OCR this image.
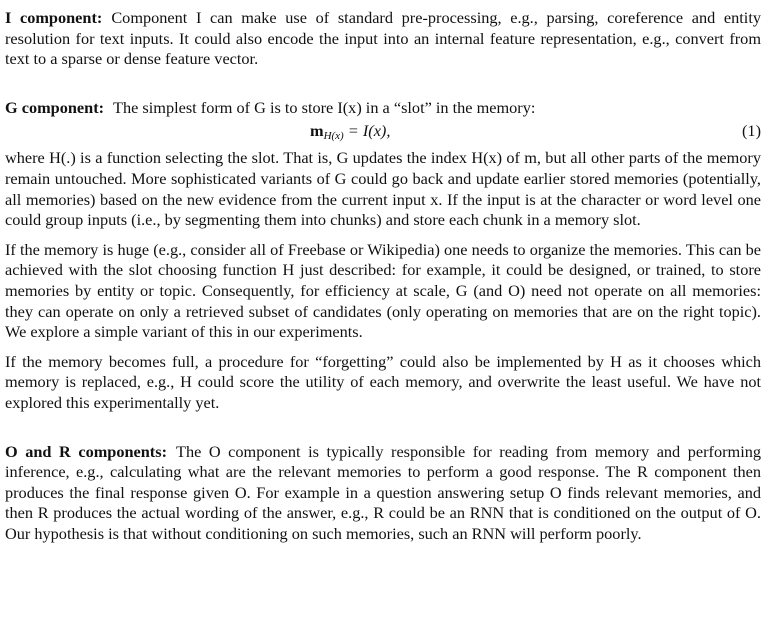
I component: Component I can make use of standard pre-processing, e.g., parsing, coreference and entity resolution for text inputs. It could also encode the input into an internal feature representation, e.g., convert from text to a sparse or dense feature vector.

G component: The simplest form of G is to store I(x) in a “slot” in the memory:

$m_{H(x)} = I(x)$,	(1)

where H(.) is a function selecting the slot. That is, G updates the index H(x) of m, but all other parts of the memory remain untouched. More sophisticated variants of G could go back and update earlier stored memories (potentially, all memories) based on the new evidence from the current input x. If the input is at the character or word level one could group inputs (i.e., by segmenting them into chunks) and store each chunk in a memory slot.

If the memory is huge (e.g., consider all of Freebase or Wikipedia) one needs to organize the memories. This can be achieved with the slot choosing function H just described: for example, it could be designed, or trained, to store memories by entity or topic. Consequently, for efficiency at scale, G (and O) need not operate on all memories: they can operate on only a retrieved subset of candidates (only operating on memories that are on the right topic). We explore a simple variant of this in our experiments.

If the memory becomes full, a procedure for “forgetting” could also be implemented by H as it chooses which memory is replaced, e.g., H could score the utility of each memory, and overwrite the least useful. We have not explored this experimentally yet.

O and R components: The O component is typically responsible for reading from memory and performing inference, e.g., calculating what are the relevant memories to perform a good response. The R component then produces the final response given O. For example in a question answering setup O finds relevant memories, and then R produces the actual wording of the answer, e.g., R could be an RNN that is conditioned on the output of O. Our hypothesis is that without conditioning on such memories, such an RNN will perform poorly.
